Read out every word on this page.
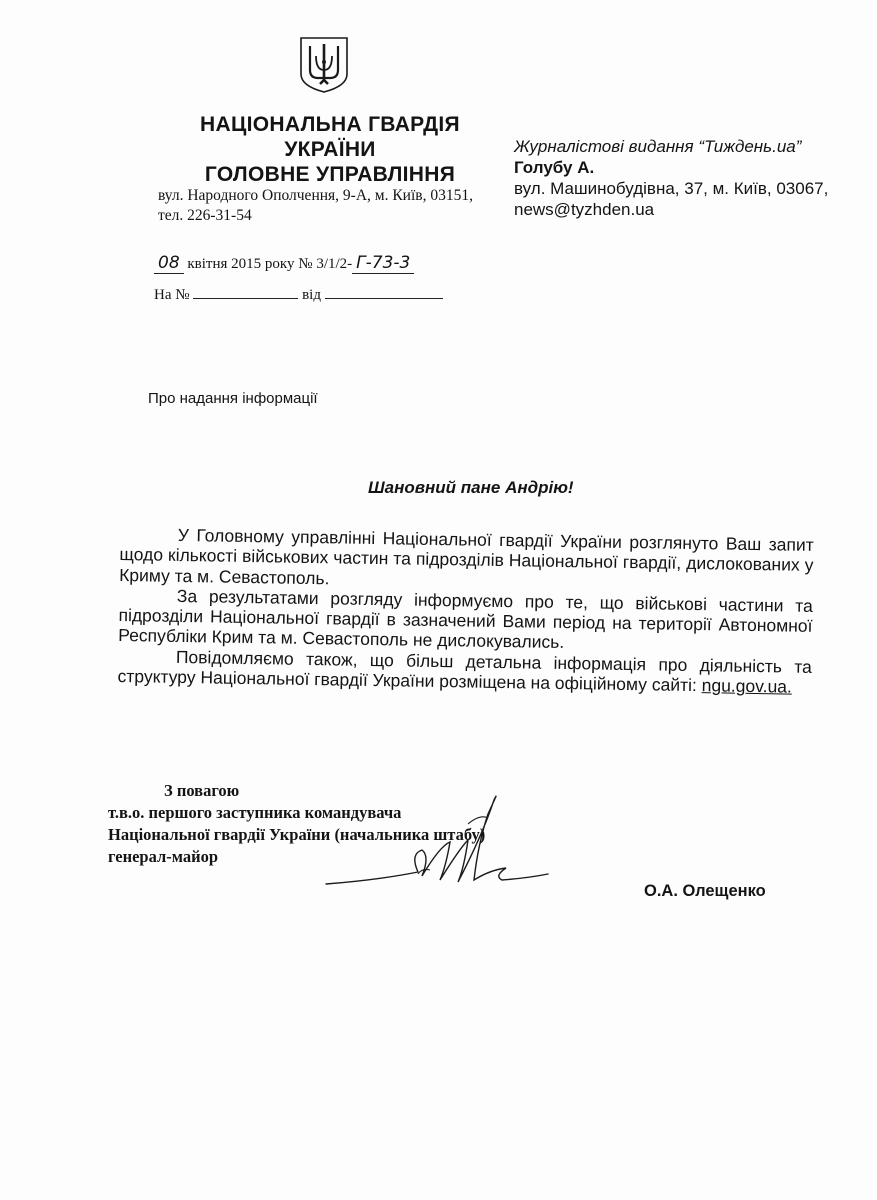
НАЦІОНАЛЬНА ГВАРДІЯ
УКРАЇНИ
ГОЛОВНЕ УПРАВЛІННЯ
вул. Народного Ополчення, 9-А, м. Київ, 03151, тел. 226-31-54
08 квітня 2015 року № 3/1/2- Г-73-3
На №	від
Журналістові видання “Тиждень.ua”
Голубу А.
вул. Машинобудівна, 37, м. Київ, 03067,
news@tyzhden.ua
Про надання інформації
Шановний пане Андрію!

У Головному управлінні Національної гвардії України розглянуто Ваш запит щодо кількості військових частин та підрозділів Національної гвардії, дислокованих у Криму та м. Севастополь.

За результатами розгляду інформуємо про те, що військові частини та підрозділи Національної гвардії в зазначений Вами період на території Автономної Республіки Крим та м. Севастополь не дислокувались.

Повідомляємо також, що більш детальна інформація про діяльність та структуру Національної гвардії України розміщена на офіційному сайті: ngu.gov.ua.

З повагою
т.в.о. першого заступника командувача
Національної гвардії України (начальника штабу)
генерал-майор
О.А. Олещенко
